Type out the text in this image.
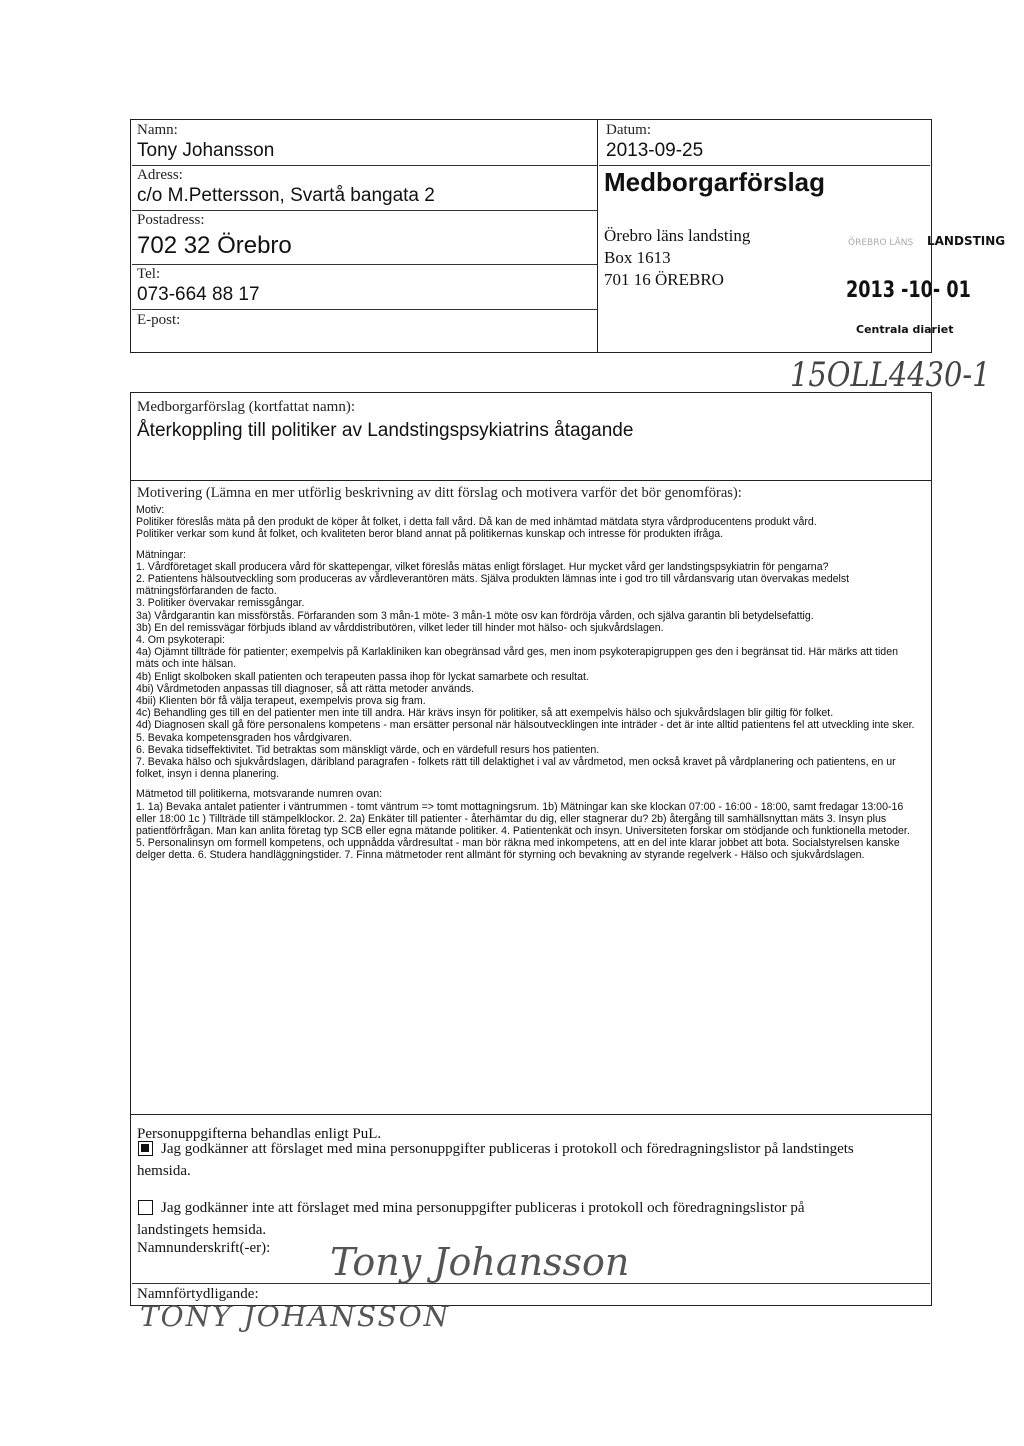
Namn:
Tony Johansson
Adress:
c/o M.Pettersson, Svartå bangata 2
Postadress:
702 32 Örebro
Tel:
073-664 88 17
E-post:
Datum:
2013-09-25
Medborgarförslag
Örebro läns landsting
Box 1613
701 16 ÖREBRO
ÖREBRO LÄNS LANDSTING
2013 -10- 01
Centrala diariet
15OLL4430-1
Medborgarförslag (kortfattat namn):
Återkoppling till politiker av Landstingspsykiatrins åtagande
Motivering (Lämna en mer utförlig beskrivning av ditt förslag och motivera varför det bör genomföras):

Motiv:

Politiker föreslås mäta på den produkt de köper åt folket, i detta fall vård. Då kan de med inhämtad mätdata styra vårdproducentens produkt vård.

Politiker verkar som kund åt folket, och kvaliteten beror bland annat på politikernas kunskap och intresse för produkten ifråga.

Mätningar:

1. Vårdföretaget skall producera vård för skattepengar, vilket föreslås mätas enligt förslaget. Hur mycket vård ger landstingspsykiatrin för pengarna?

2. Patientens hälsoutveckling som produceras av vårdleverantören mäts. Själva produkten lämnas inte i god tro till vårdansvarig utan övervakas medelst mätningsförfaranden de facto.

3. Politiker övervakar remissgångar.

3a) Vårdgarantin kan missförstås. Förfaranden som 3 mån-1 möte- 3 mån-1 möte osv kan fördröja vården, och själva garantin bli betydelsefattig.

3b) En del remissvägar förbjuds ibland av vårddistributören, vilket leder till hinder mot hälso- och sjukvårdslagen.

4. Om psykoterapi:

4a) Ojämnt tillträde för patienter; exempelvis på Karlakliniken kan obegränsad vård ges, men inom psykoterapigruppen ges den i begränsat tid. Här märks att tiden mäts och inte hälsan.

4b) Enligt skolboken skall patienten och terapeuten passa ihop för lyckat samarbete och resultat.

4bi) Vårdmetoden anpassas till diagnoser, så att rätta metoder används.

4bii) Klienten bör få välja terapeut, exempelvis prova sig fram.

4c) Behandling ges till en del patienter men inte till andra. Här krävs insyn för politiker, så att exempelvis hälso och sjukvårdslagen blir giltig för folket.

4d) Diagnosen skall gå före personalens kompetens - man ersätter personal när hälsoutvecklingen inte inträder - det är inte alltid patientens fel att utveckling inte sker.

5. Bevaka kompetensgraden hos vårdgivaren.

6. Bevaka tidseffektivitet. Tid betraktas som mänskligt värde, och en värdefull resurs hos patienten.

7. Bevaka hälso och sjukvårdslagen, däribland paragrafen - folkets rätt till delaktighet i val av vårdmetod, men också kravet på vårdplanering och patientens, en ur folket, insyn i denna planering.

Mätmetod till politikerna, motsvarande numren ovan:

1. 1a) Bevaka antalet patienter i väntrummen - tomt väntrum => tomt mottagningsrum. 1b) Mätningar kan ske klockan 07:00 - 16:00 - 18:00, samt fredagar 13:00-16 eller 18:00 1c ) Tillträde till stämpelklockor. 2. 2a) Enkäter till patienter - återhämtar du dig, eller stagnerar du? 2b) återgång till samhällsnyttan mäts 3. Insyn plus patientförfrågan. Man kan anlita företag typ SCB eller egna mätande politiker. 4. Patientenkät och insyn. Universiteten forskar om stödjande och funktionella metoder. 5. Personalinsyn om formell kompetens, och uppnådda vårdresultat - man bör räkna med inkompetens, att en del inte klarar jobbet att bota. Socialstyrelsen kanske delger detta. 6. Studera handläggningstider. 7. Finna mätmetoder rent allmänt för styrning och bevakning av styrande regelverk - Hälso och sjukvårdslagen.

Personuppgifterna behandlas enligt PuL.
Jag godkänner att förslaget med mina personuppgifter publiceras i protokoll och föredragningslistor på landstingets hemsida.
Jag godkänner inte att förslaget med mina personuppgifter publiceras i protokoll och föredragningslistor på landstingets hemsida.
Namnunderskrift(-er): Tony Johansson
Namnförtydligande:
TONY JOHANSSON
